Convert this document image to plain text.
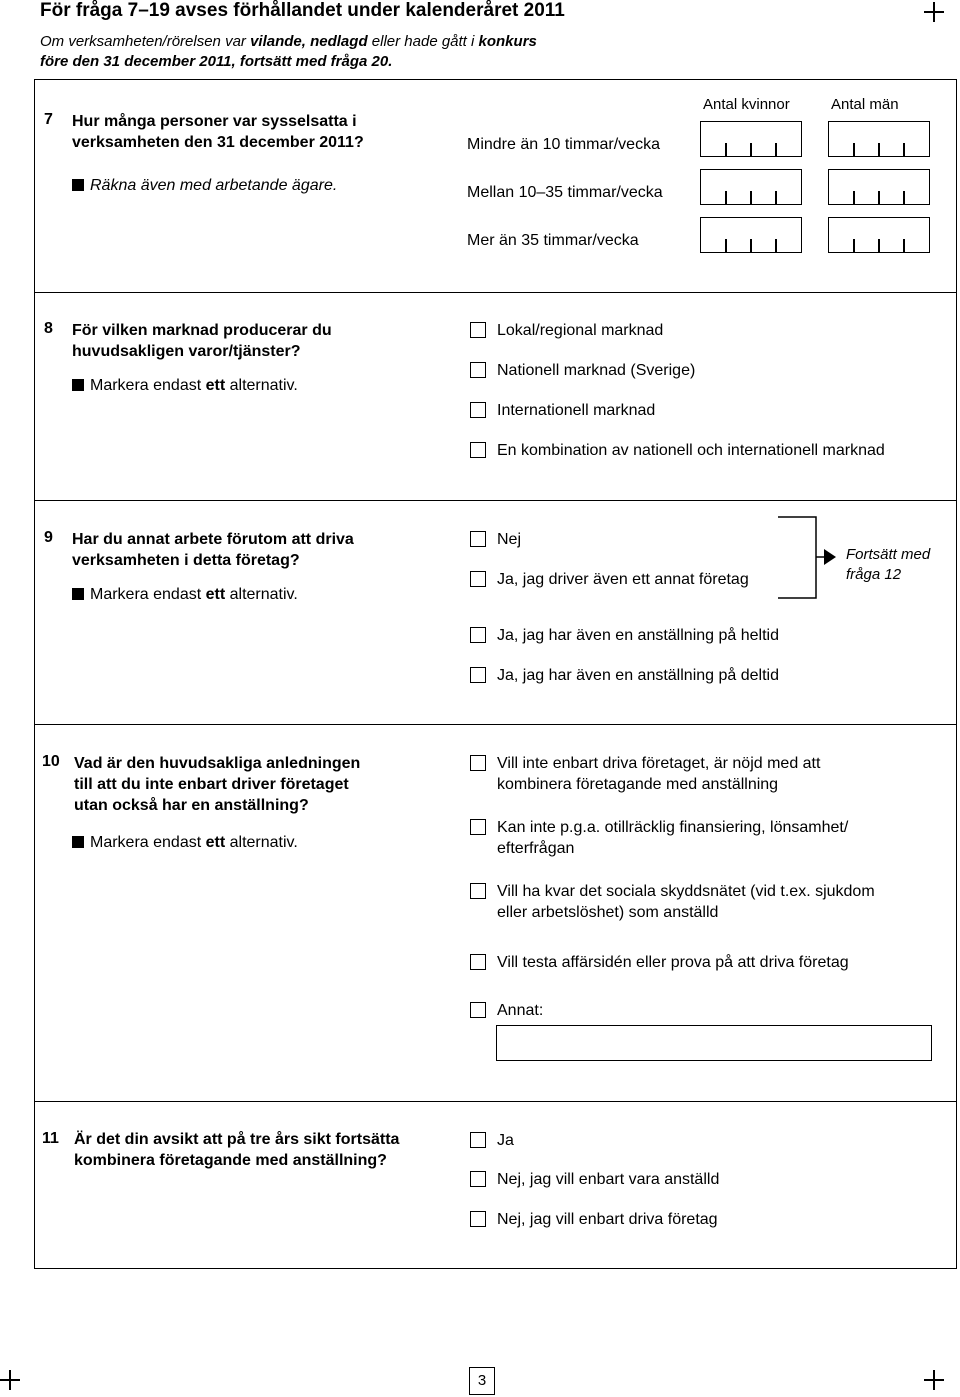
För fråga 7–19 avses förhållandet under kalenderåret 2011
Om verksamheten/rörelsen var vilande, nedlagd eller hade gått i konkurs
före den 31 december 2011, fortsätt med fråga 20.
7 Hur många personer var sysselsatta i
verksamheten den 31 december 2011?
Räkna även med arbetande ägare.
Antal kvinnor	Antal män
Mindre än 10 timmar/vecka
Mellan 10–35 timmar/vecka
Mer än 35 timmar/vecka
8 För vilken marknad producerar du
huvudsakligen varor/tjänster?
Markera endast ett alternativ.
Lokal/regional marknad
Nationell marknad (Sverige)
Internationell marknad
En kombination av nationell och internationell marknad
9 Har du annat arbete förutom att driva
verksamheten i detta företag?
Markera endast ett alternativ.
Nej
Ja, jag driver även ett annat företag
Ja, jag har även en anställning på heltid
Ja, jag har även en anställning på deltid
Fortsätt med
fråga 12
10 Vad är den huvudsakliga anledningen
till att du inte enbart driver företaget
utan också har en anställning?
Markera endast ett alternativ.
Vill inte enbart driva företaget, är nöjd med att
kombinera företagande med anställning
Kan inte p.g.a. otillräcklig finansiering, lönsamhet/
efterfrågan
Vill ha kvar det sociala skyddsnätet (vid t.ex. sjukdom
eller arbetslöshet) som anställd
Vill testa affärsidén eller prova på att driva företag
Annat:
11 Är det din avsikt att på tre års sikt fortsätta
kombinera företagande med anställning?
Ja
Nej, jag vill enbart vara anställd
Nej, jag vill enbart driva företag
3
